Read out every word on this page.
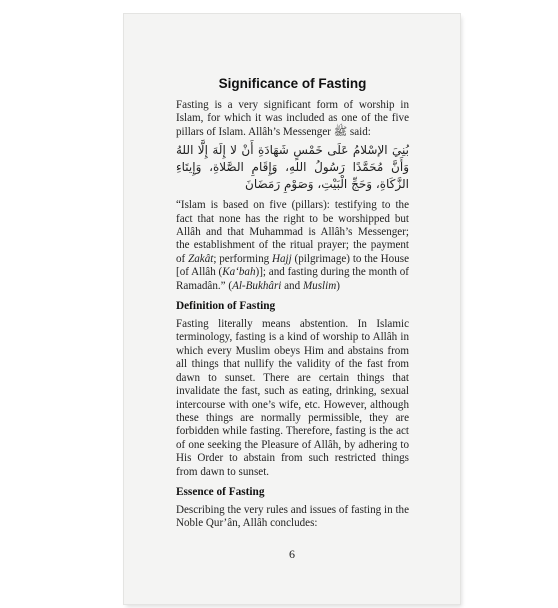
Significance of Fasting

Fasting is a very significant form of worship in Islam, for which it was included as one of the five pillars of Islam. Allâh’s Messenger ﷺ said:

بُنِيَ الإسْلامُ عَلَى خَمْسٍ شَهَادَةِ أَنْ لا إِلَهَ إِلَّا اللهُ وَأَنَّ مُحَمَّدًا رَسُولُ اللهِ، وَإِقَامِ الصَّلاةِ، وَإِيتَاءِ الزَّكَاةِ، وَحَجِّ الْبَيْتِ، وَصَوْمِ رَمَضَانَ

“Islam is based on five (pillars): testifying to the fact that none has the right to be worshipped but Allâh and that Muhammad is Allâh’s Messenger; the establishment of the ritual prayer; the payment of Zakât; performing Hajj (pilgrimage) to the House [of Allâh (Ka‘bah)]; and fasting during the month of Ramadân.” (Al-Bukhâri and Muslim)

Definition of Fasting

Fasting literally means abstention. In Islamic terminology, fasting is a kind of worship to Allâh in which every Muslim obeys Him and abstains from all things that nullify the validity of the fast from dawn to sunset. There are certain things that invalidate the fast, such as eating, drinking, sexual intercourse with one’s wife, etc. However, although these things are normally permissible, they are forbidden while fasting. Therefore, fasting is the act of one seeking the Pleasure of Allâh, by adhering to His Order to abstain from such restricted things from dawn to sunset.

Essence of Fasting

Describing the very rules and issues of fasting in the Noble Qur’ân, Allâh concludes:

6
